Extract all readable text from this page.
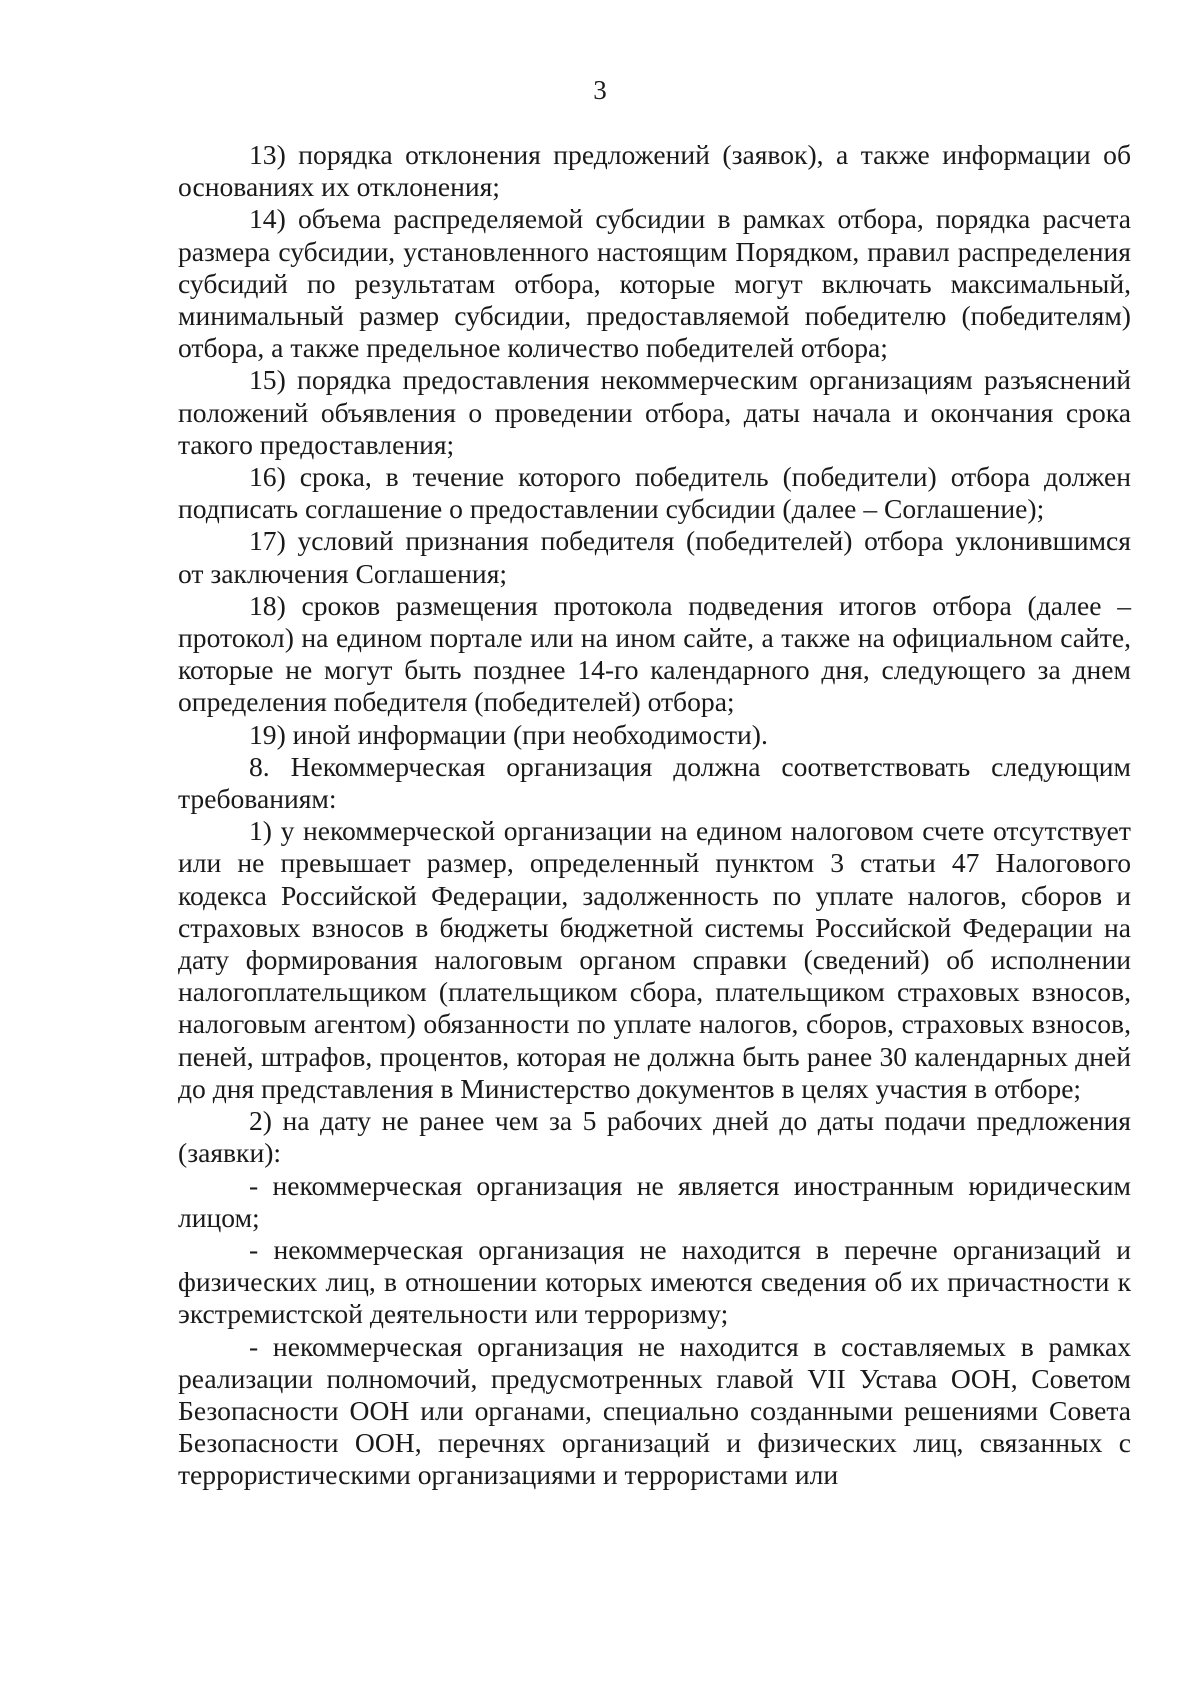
3

13) порядка отклонения предложений (заявок), а также информации об основаниях их отклонения;

14) объема распределяемой субсидии в рамках отбора, порядка расчета размера субсидии, установленного настоящим Порядком, правил распределения субсидий по результатам отбора, которые могут включать максимальный, минимальный размер субсидии, предоставляемой победителю (победителям) отбора, а также предельное количество победителей отбора;

15) порядка предоставления некоммерческим организациям разъяснений положений объявления о проведении отбора, даты начала и окончания срока такого предоставления;

16) срока, в течение которого победитель (победители) отбора должен подписать соглашение о предоставлении субсидии (далее – Соглашение);

17) условий признания победителя (победителей) отбора уклонившимся от заключения Соглашения;

18) сроков размещения протокола подведения итогов отбора (далее – протокол) на едином портале или на ином сайте, а также на официальном сайте, которые не могут быть позднее 14-го календарного дня, следующего за днем определения победителя (победителей) отбора;

19) иной информации (при необходимости).

8. Некоммерческая организация должна соответствовать следующим требованиям:

1) у некоммерческой организации на едином налоговом счете отсутствует или не превышает размер, определенный пунктом 3 статьи 47 Налогового кодекса Российской Федерации, задолженность по уплате налогов, сборов и страховых взносов в бюджеты бюджетной системы Российской Федерации на дату формирования налоговым органом справки (сведений) об исполнении налогоплательщиком (плательщиком сбора, плательщиком страховых взносов, налоговым агентом) обязанности по уплате налогов, сборов, страховых взносов, пеней, штрафов, процентов, которая не должна быть ранее 30 календарных дней до дня представления в Министерство документов в целях участия в отборе;

2) на дату не ранее чем за 5 рабочих дней до даты подачи предложения (заявки):

- некоммерческая организация не является иностранным юридическим лицом;

- некоммерческая организация не находится в перечне организаций и физических лиц, в отношении которых имеются сведения об их причастности к экстремистской деятельности или терроризму;

- некоммерческая организация не находится в составляемых в рамках реализации полномочий, предусмотренных главой VII Устава ООН, Советом Безопасности ООН или органами, специально созданными решениями Совета Безопасности ООН, перечнях организаций и физических лиц, связанных с террористическими организациями и террористами или
